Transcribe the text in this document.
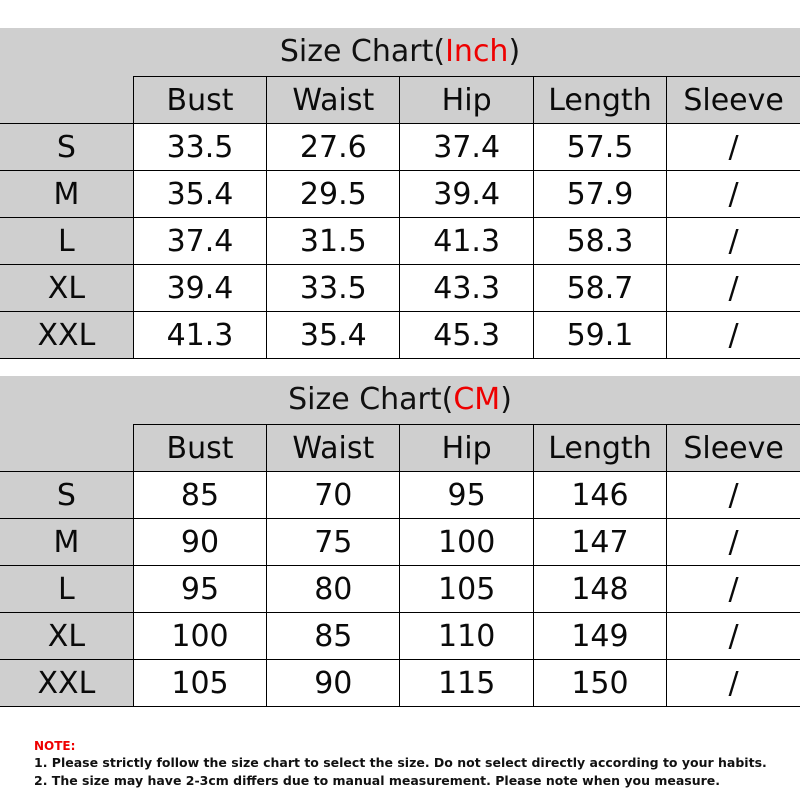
Size Chart(Inch)
	Bust	Waist	Hip	Length	Sleeve
S	33.5	27.6	37.4	57.5	/
M	35.4	29.5	39.4	57.9	/
L	37.4	31.5	41.3	58.3	/
XL	39.4	33.5	43.3	58.7	/
XXL	41.3	35.4	45.3	59.1	/
Size Chart(CM)
	Bust	Waist	Hip	Length	Sleeve
S	85	70	95	146	/
M	90	75	100	147	/
L	95	80	105	148	/
XL	100	85	110	149	/
XXL	105	90	115	150	/
NOTE:
1. Please strictly follow the size chart to select the size. Do not select directly according to your habits.
2. The size may have 2-3cm differs due to manual measurement. Please note when you measure.
